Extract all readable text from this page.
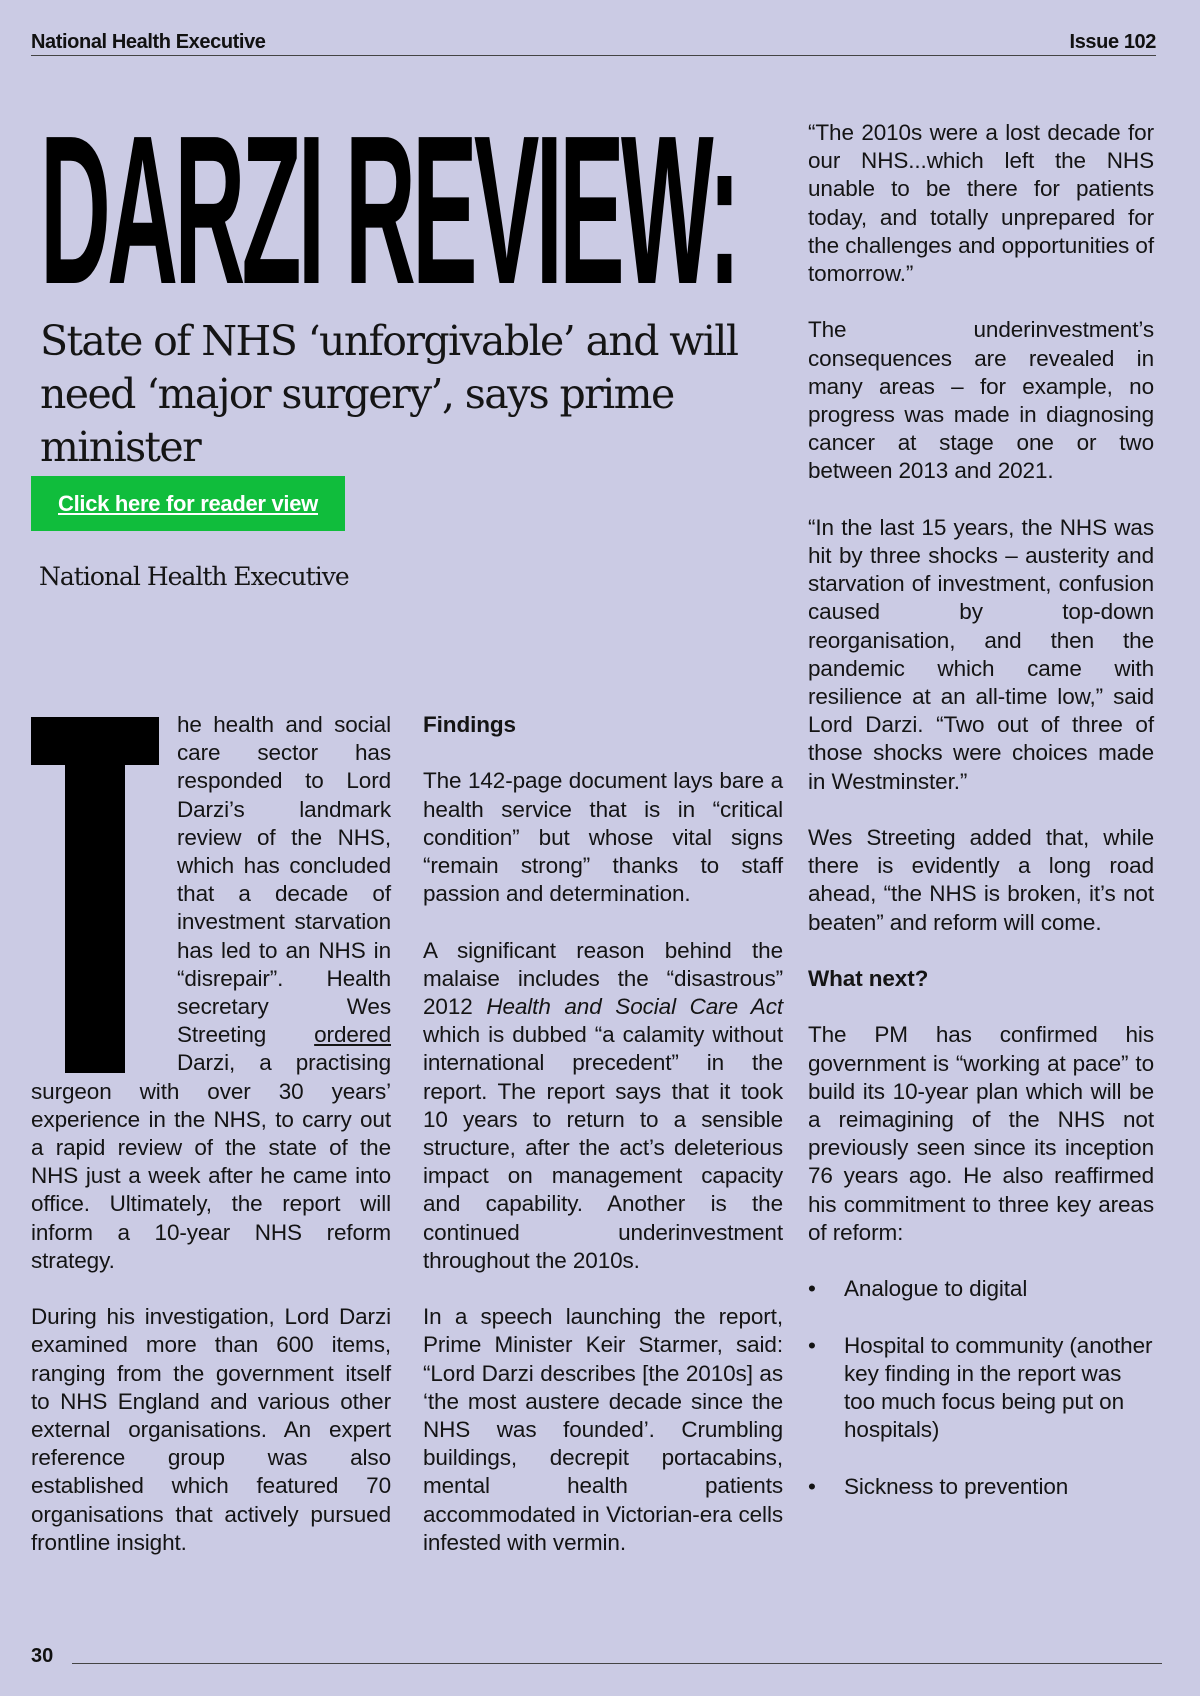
National Health Executive	Issue 102
DARZI REVIEW:
State of NHS ‘unforgivable’ and will need ‘major surgery’, says prime minister
Click here for reader view
National Health Executive

he health and social care sector has responded to Lord Darzi’s landmark review of the NHS, which has concluded that a decade of investment starvation has led to an NHS in “disrepair”. Health secretary Wes Streeting ordered Darzi, a practising surgeon with over 30 years’ experience in the NHS, to carry out a rapid review of the state of the NHS just a week after he came into office. Ultimately, the report will inform a 10-year NHS reform strategy.

During his investigation, Lord Darzi examined more than 600 items, ranging from the government itself to NHS England and various other external organisations. An expert reference group was also established which featured 70 organisations that actively pursued frontline insight.

Findings

The 142-page document lays bare a health service that is in “critical condition” but whose vital signs “remain strong” thanks to staff passion and determination.

A significant reason behind the malaise includes the “disastrous” 2012 Health and Social Care Act which is dubbed “a calamity without international precedent” in the report. The report says that it took 10 years to return to a sensible structure, after the act’s deleterious impact on management capacity and capability. Another is the continued underinvestment throughout the 2010s.

In a speech launching the report, Prime Minister Keir Starmer, said: “Lord Darzi describes [the 2010s] as ‘the most austere decade since the NHS was founded’. Crumbling buildings, decrepit portacabins, mental health patients accommodated in Victorian-era cells infested with vermin.

“The 2010s were a lost decade for our NHS...which left the NHS unable to be there for patients today, and totally unprepared for the challenges and opportunities of tomorrow.”

The underinvestment’s consequences are revealed in many areas – for example, no progress was made in diagnosing cancer at stage one or two between 2013 and 2021.

“In the last 15 years, the NHS was hit by three shocks – austerity and starvation of investment, confusion caused by top-down reorganisation, and then the pandemic which came with resilience at an all-time low,” said Lord Darzi. “Two out of three of those shocks were choices made in Westminster.”

Wes Streeting added that, while there is evidently a long road ahead, “the NHS is broken, it’s not beaten” and reform will come.

What next?

The PM has confirmed his government is “working at pace” to build its 10-year plan which will be a reimagining of the NHS not previously seen since its inception 76 years ago. He also reaffirmed his commitment to three key areas of reform:

• Analogue to digital
• Hospital to community (another key finding in the report was too much focus being put on hospitals)
• Sickness to prevention
30
